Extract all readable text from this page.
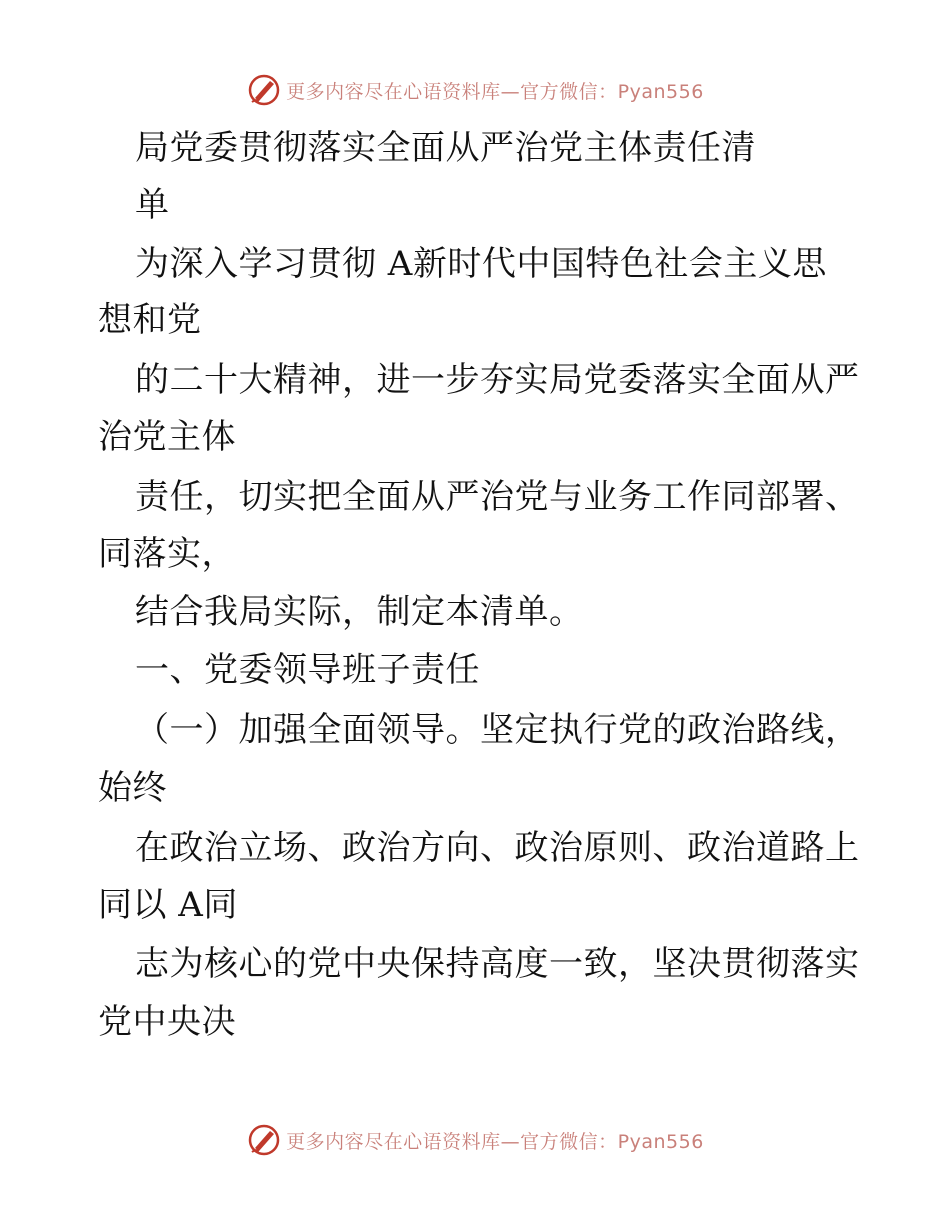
更多内容尽在心语资料库—官方微信：Pyan556
局党委贯彻落实全面从严治党主体责任清
单
为深入学习贯彻 A新时代中国特色社会主义思
想和党
的二十大精神，进一步夯实局党委落实全面从严
治党主体
责任，切实把全面从严治党与业务工作同部署、
同落实，
结合我局实际，制定本清单。
一、党委领导班子责任
（一）加强全面领导。坚定执行党的政治路线，
始终
在政治立场、政治方向、政治原则、政治道路上
同以 A同
志为核心的党中央保持高度一致，坚决贯彻落实
党中央决
更多内容尽在心语资料库—官方微信：Pyan556
